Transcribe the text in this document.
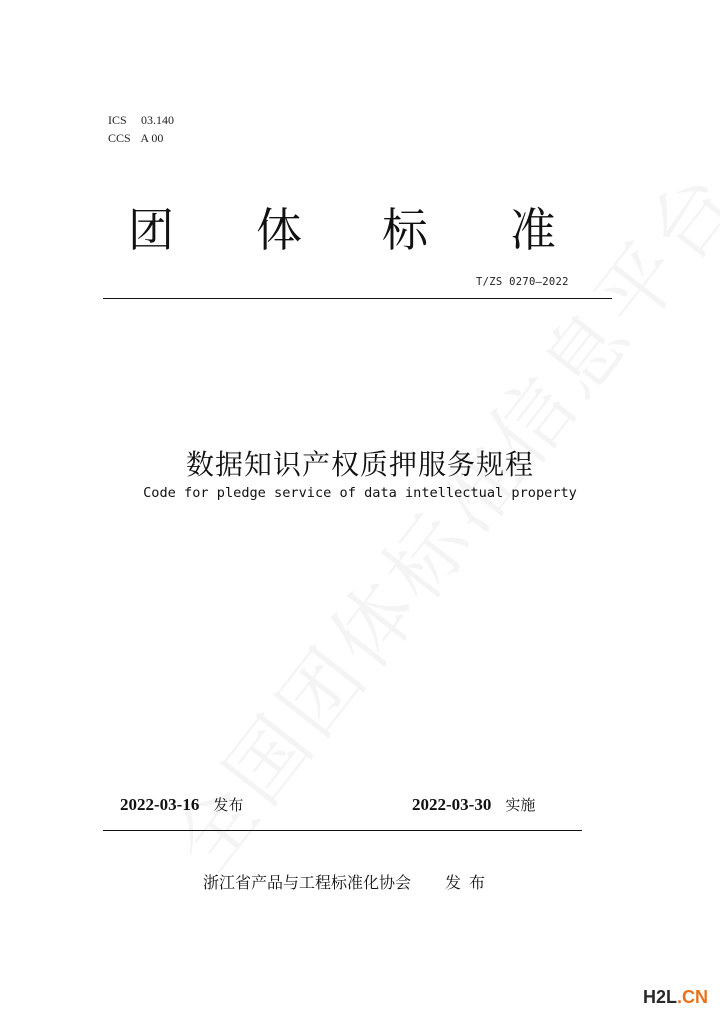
ICS 03.140
CCS A 00
团 体 标 准
T/ZS 0270—2022
数据知识产权质押服务规程
Code for pledge service of data intellectual property
2022-03-16 发布	2022-03-30 实施
浙江省产品与工程标准化协会 发布
H2L.CN
